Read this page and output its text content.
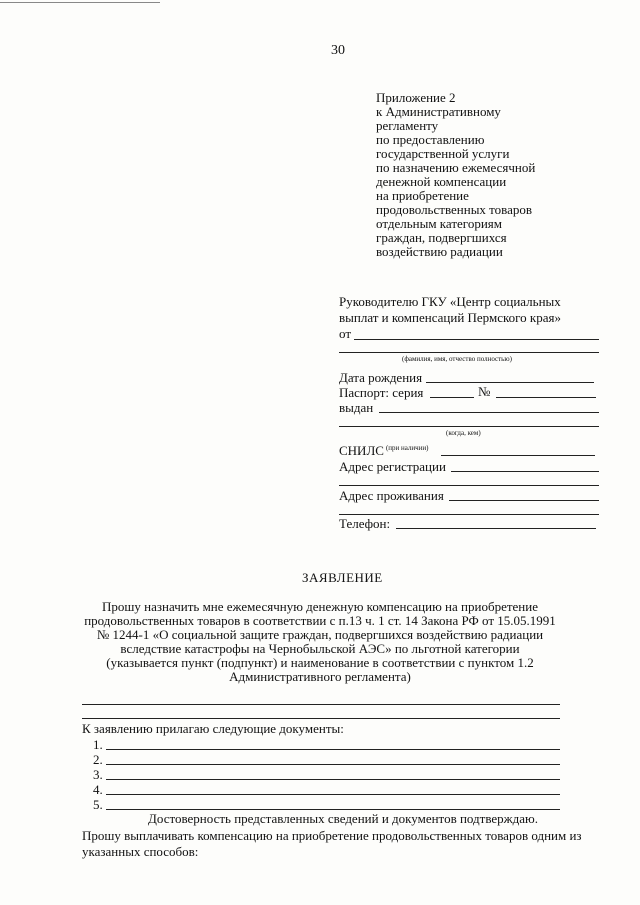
30
Приложение 2
к Административному
регламенту
по предоставлению
государственной услуги
по назначению ежемесячной
денежной компенсации
на приобретение
продовольственных товаров
отдельным категориям
граждан, подвергшихся
воздействию радиации
Руководителю ГКУ «Центр социальных
выплат и компенсаций Пермского края»
от
(фамилия, имя, отчество полностью)
Дата рождения
Паспорт: серия	№
выдан
(когда, кем)
СНИЛС $^{(при наличии)}$
Адрес регистрации
Адрес проживания
Телефон:
ЗАЯВЛЕНИЕ
Прошу назначить мне ежемесячную денежную компенсацию на приобретение
продовольственных товаров в соответствии с п.13 ч. 1 ст. 14 Закона РФ от 15.05.1991
№ 1244-1 «О социальной защите граждан, подвергшихся воздействию радиации
вследствие катастрофы на Чернобыльской АЭС» по льготной категории
(указывается пункт (подпункт) и наименование в соответствии с пунктом 1.2
Административного регламента)
К заявлению прилагаю следующие документы:
1.
2.
3.
4.
5.
Достоверность представленных сведений и документов подтверждаю.
Прошу выплачивать компенсацию на приобретение продовольственных товаров одним из
указанных способов:
